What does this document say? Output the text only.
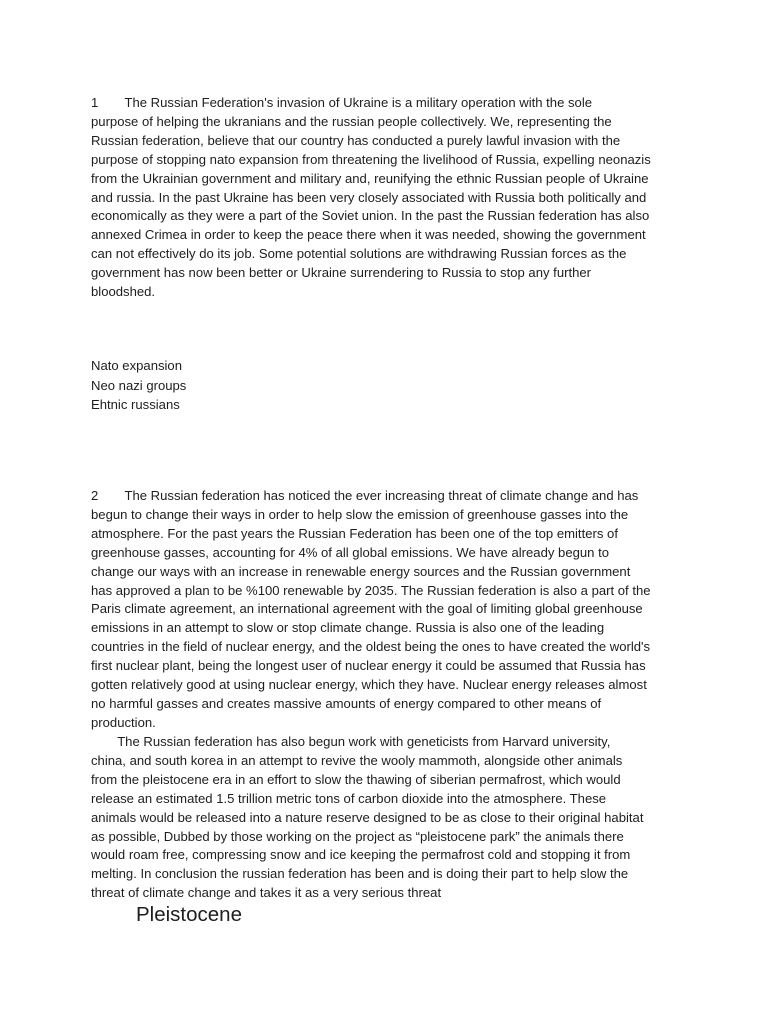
1  The Russian Federation's invasion of Ukraine is a military operation with the sole
purpose of helping the ukranians and the russian people collectively. We, representing the
Russian federation, believe that our country has conducted a purely lawful invasion with the
purpose of stopping nato expansion from threatening the livelihood of Russia, expelling neonazis
from the Ukrainian government and military and, reunifying the ethnic Russian people of Ukraine
and russia. In the past Ukraine has been very closely associated with Russia both politically and
economically as they were a part of the Soviet union. In the past the Russian federation has also
annexed Crimea in order to keep the peace there when it was needed, showing the government
can not effectively do its job. Some potential solutions are withdrawing Russian forces as the
government has now been better or Ukraine surrendering to Russia to stop any further
bloodshed.

Nato expansion
Neo nazi groups
Ehtnic russians

2  The Russian federation has noticed the ever increasing threat of climate change and has
begun to change their ways in order to help slow the emission of greenhouse gasses into the
atmosphere. For the past years the Russian Federation has been one of the top emitters of
greenhouse gasses, accounting for 4% of all global emissions. We have already begun to
change our ways with an increase in renewable energy sources and the Russian government
has approved a plan to be %100 renewable by 2035. The Russian federation is also a part of the
Paris climate agreement, an international agreement with the goal of limiting global greenhouse
emissions in an attempt to slow or stop climate change. Russia is also one of the leading
countries in the field of nuclear energy, and the oldest being the ones to have created the world's
first nuclear plant, being the longest user of nuclear energy it could be assumed that Russia has
gotten relatively good at using nuclear energy, which they have. Nuclear energy releases almost
no harmful gasses and creates massive amounts of energy compared to other means of
production.

  The Russian federation has also begun work with geneticists from Harvard university,
china, and south korea in an attempt to revive the wooly mammoth, alongside other animals
from the pleistocene era in an effort to slow the thawing of siberian permafrost, which would
release an estimated 1.5 trillion metric tons of carbon dioxide into the atmosphere. These
animals would be released into a nature reserve designed to be as close to their original habitat
as possible, Dubbed by those working on the project as “pleistocene park” the animals there
would roam free, compressing snow and ice keeping the permafrost cold and stopping it from
melting. In conclusion the russian federation has been and is doing their part to help slow the
threat of climate change and takes it as a very serious threat

Pleistocene
